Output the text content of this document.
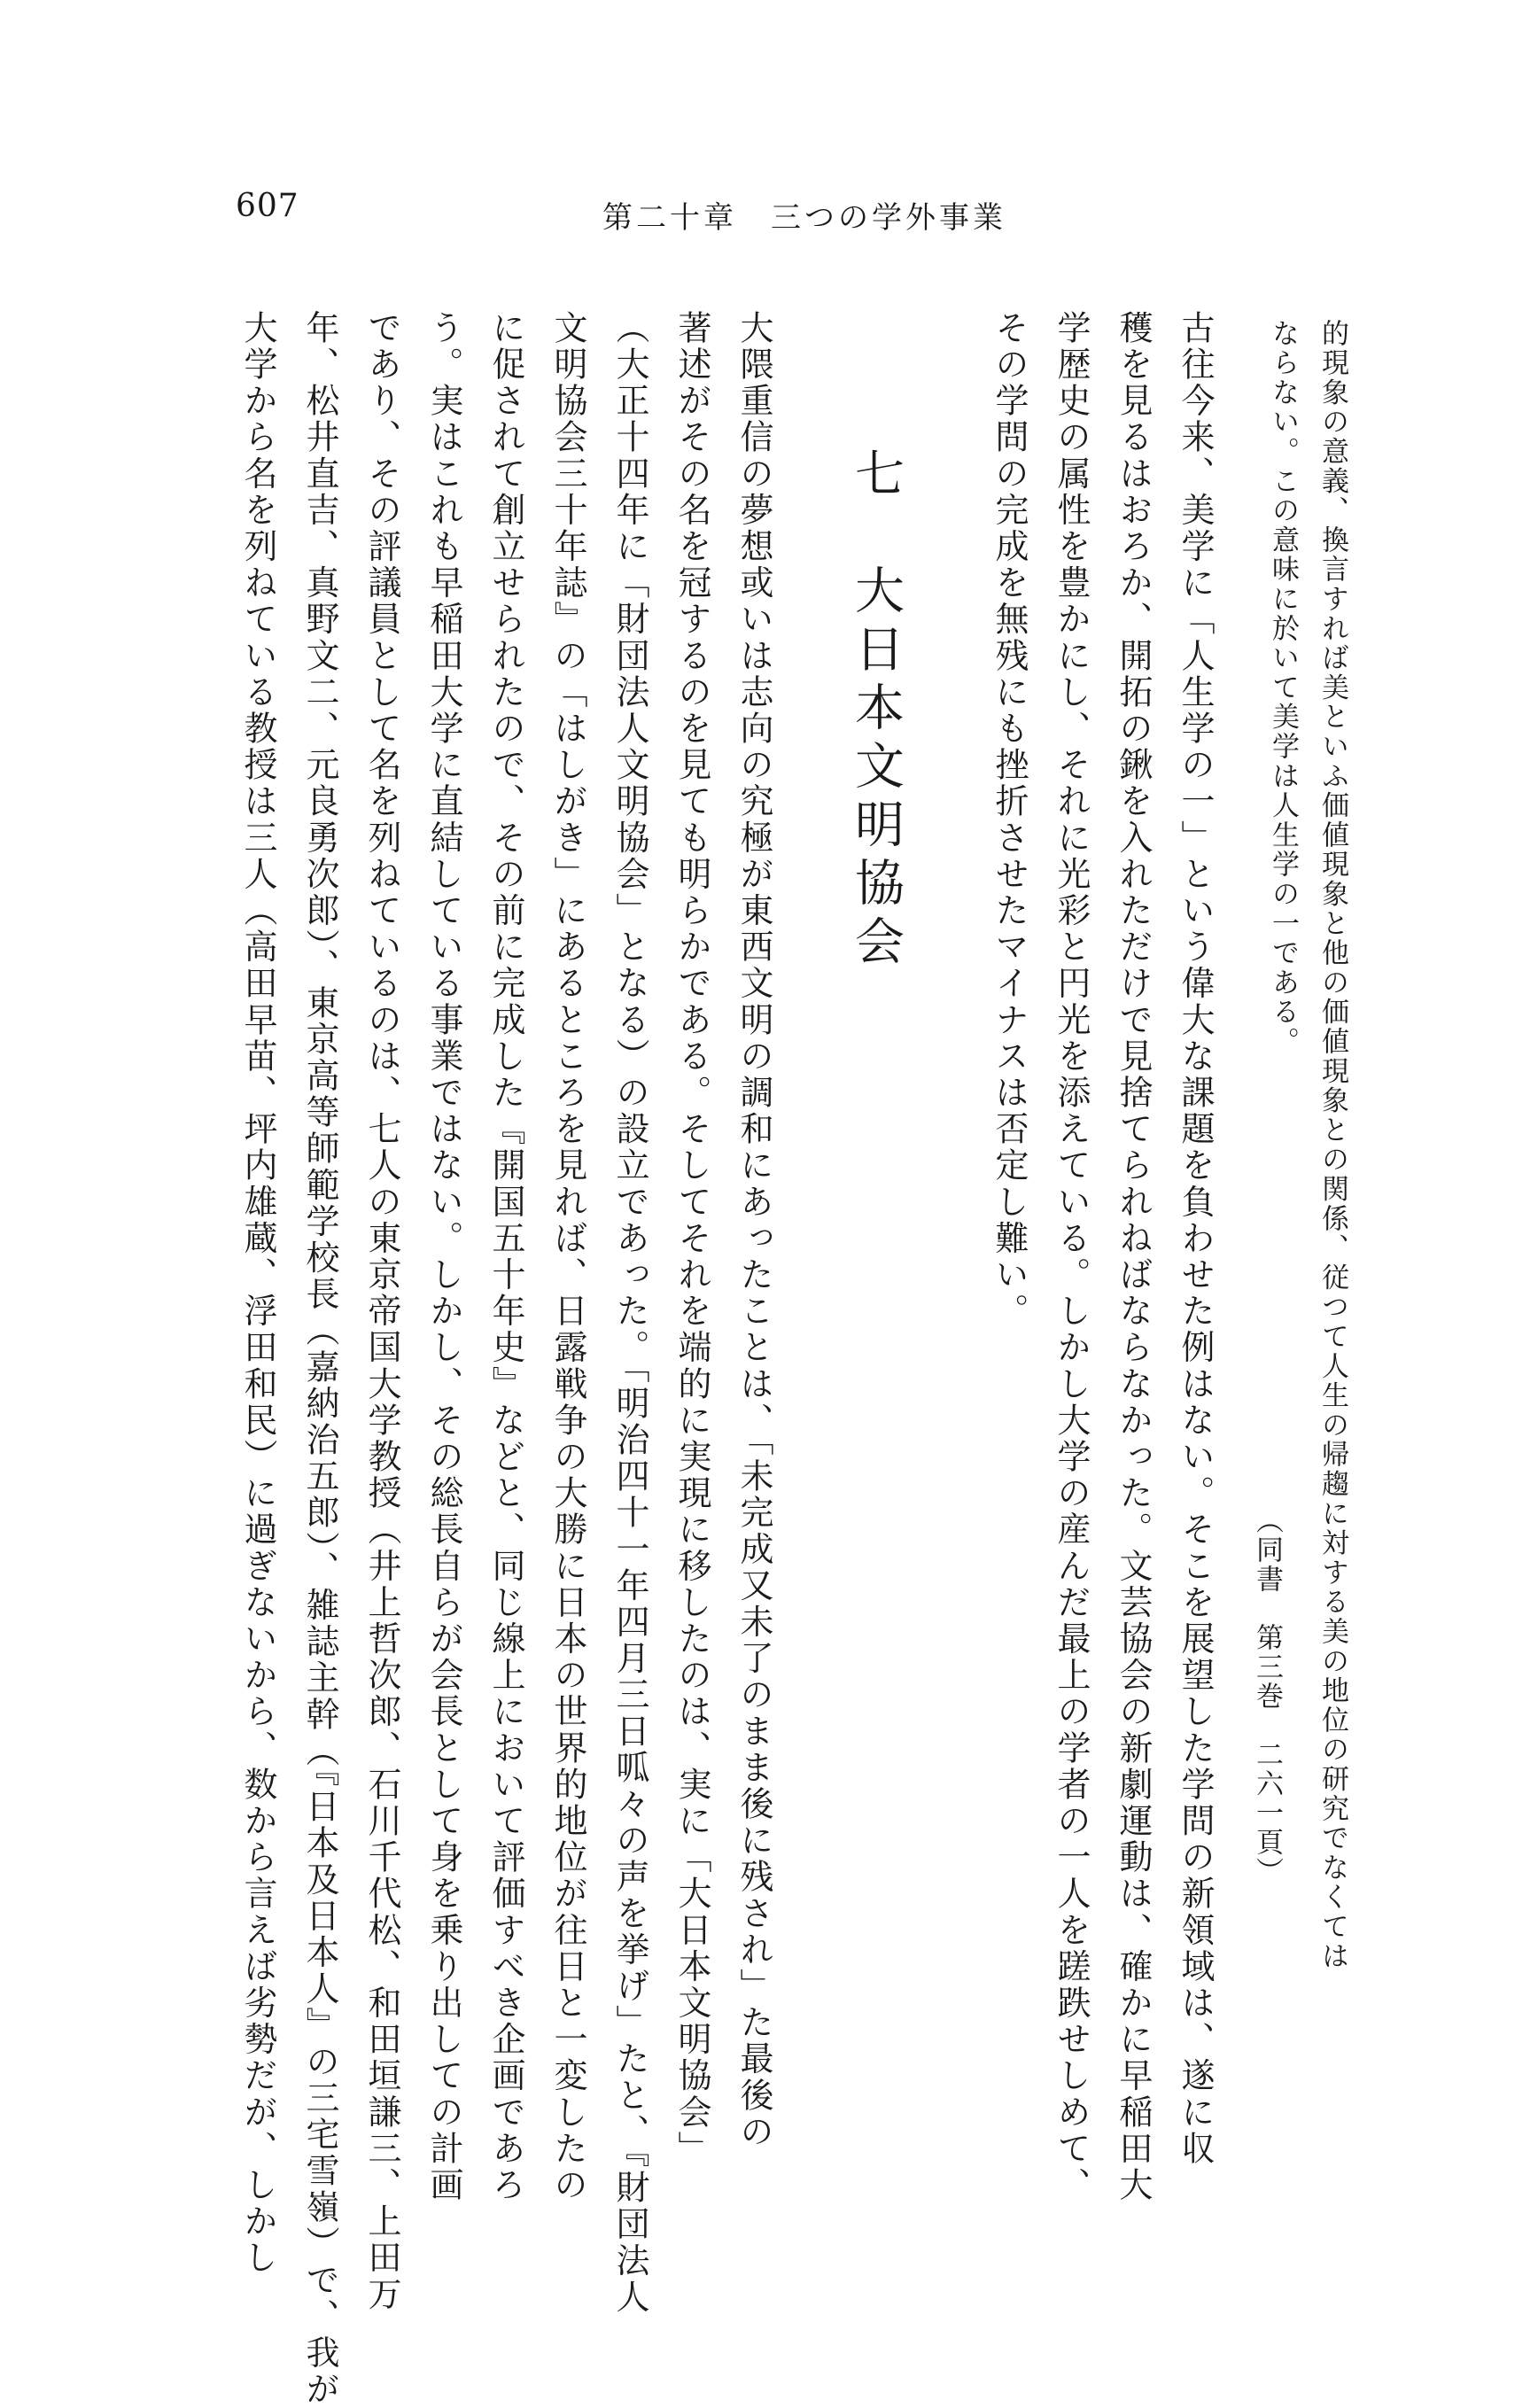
607	第二十章　三つの学外事業
的現象の意義、換言すれば美といふ価値現象と他の価値現象との関係、従つて人生の帰趨に対する美の地位の研究でなくては
ならない。この意味に於いて美学は人生学の一である。
（同書　第三巻　二六一頁）
古往今来、美学に「人生学の一」という偉大な課題を負わせた例はない。そこを展望した学問の新領域は、遂に収
穫を見るはおろか、開拓の鍬を入れただけで見捨てられねばならなかった。文芸協会の新劇運動は、確かに早稲田大
学歴史の属性を豊かにし、それに光彩と円光を添えている。しかし大学の産んだ最上の学者の一人を蹉跌せしめて、
その学問の完成を無残にも挫折させたマイナスは否定し難い。
七　大日本文明協会
大隈重信の夢想或いは志向の究極が東西文明の調和にあったことは、「未完成又未了のまま後に残され」た最後の
著述がその名を冠するのを見ても明らかである。そしてそれを端的に実現に移したのは、実に「大日本文明協会」
（大正十四年に「財団法人文明協会」となる）の設立であった。「明治四十一年四月三日呱々の声を挙げ」たと、『財団法人
文明協会三十年誌』の「はしがき」にあるところを見れば、日露戦争の大勝に日本の世界的地位が往日と一変したの
に促されて創立せられたので、その前に完成した『開国五十年史』などと、同じ線上において評価すべき企画であろ
う。実はこれも早稲田大学に直結している事業ではない。しかし、その総長自らが会長として身を乗り出しての計画
であり、その評議員として名を列ねているのは、七人の東京帝国大学教授（井上哲次郎、石川千代松、和田垣謙三、上田万
年、松井直吉、真野文二、元良勇次郎）、東京高等師範学校長（嘉納治五郎）、雑誌主幹（『日本及日本人』の三宅雪嶺）で、我が
大学から名を列ねている教授は三人（高田早苗、坪内雄蔵、浮田和民）に過ぎないから、数から言えば劣勢だが、しかし
